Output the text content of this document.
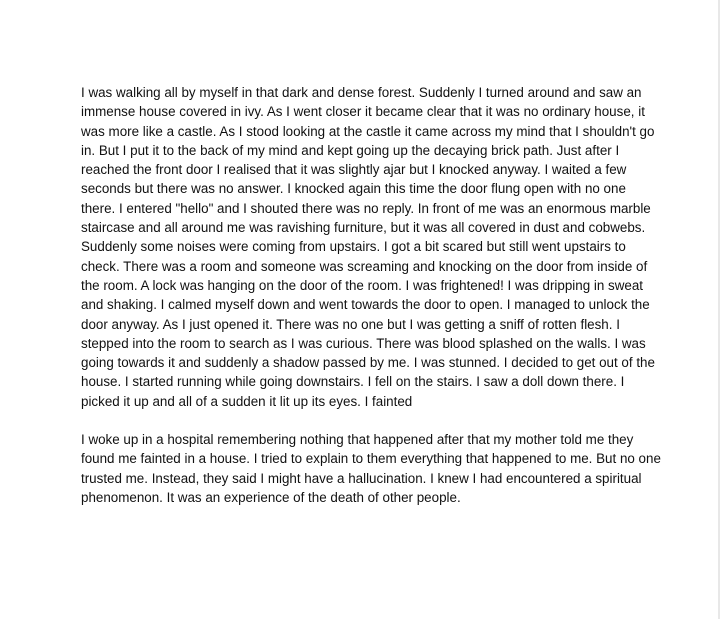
I was walking all by myself in that dark and dense forest. Suddenly I turned around and saw an immense house covered in ivy. As I went closer it became clear that it was no ordinary house, it was more like a castle. As I stood looking at the castle it came across my mind that I shouldn't go in. But I put it to the back of my mind and kept going up the decaying brick path. Just after I reached the front door I realised that it was slightly ajar but I knocked anyway. I waited a few seconds but there was no answer. I knocked again this time the door flung open with no one there. I entered "hello" and I shouted there was no reply. In front of me was an enormous marble staircase and all around me was ravishing furniture, but it was all covered in dust and cobwebs. Suddenly some noises were coming from upstairs. I got a bit scared but still went upstairs to check. There was a room and someone was screaming and knocking on the door from inside of the room. A lock was hanging on the door of the room. I was frightened! I was dripping in sweat and shaking. I calmed myself down and went towards the door to open. I managed to unlock the door anyway. As I just opened it. There was no one but I was getting a sniff of rotten flesh. I stepped into the room to search as I was curious. There was blood splashed on the walls. I was going towards it and suddenly a shadow passed by me. I was stunned. I decided to get out of the house. I started running while going downstairs. I fell on the stairs. I saw a doll down there. I picked it up and all of a sudden it lit up its eyes. I fainted

I woke up in a hospital remembering nothing that happened after that my mother told me they found me fainted in a house. I tried to explain to them everything that happened to me. But no one trusted me. Instead, they said I might have a hallucination. I knew I had encountered a spiritual phenomenon. It was an experience of the death of other people.
